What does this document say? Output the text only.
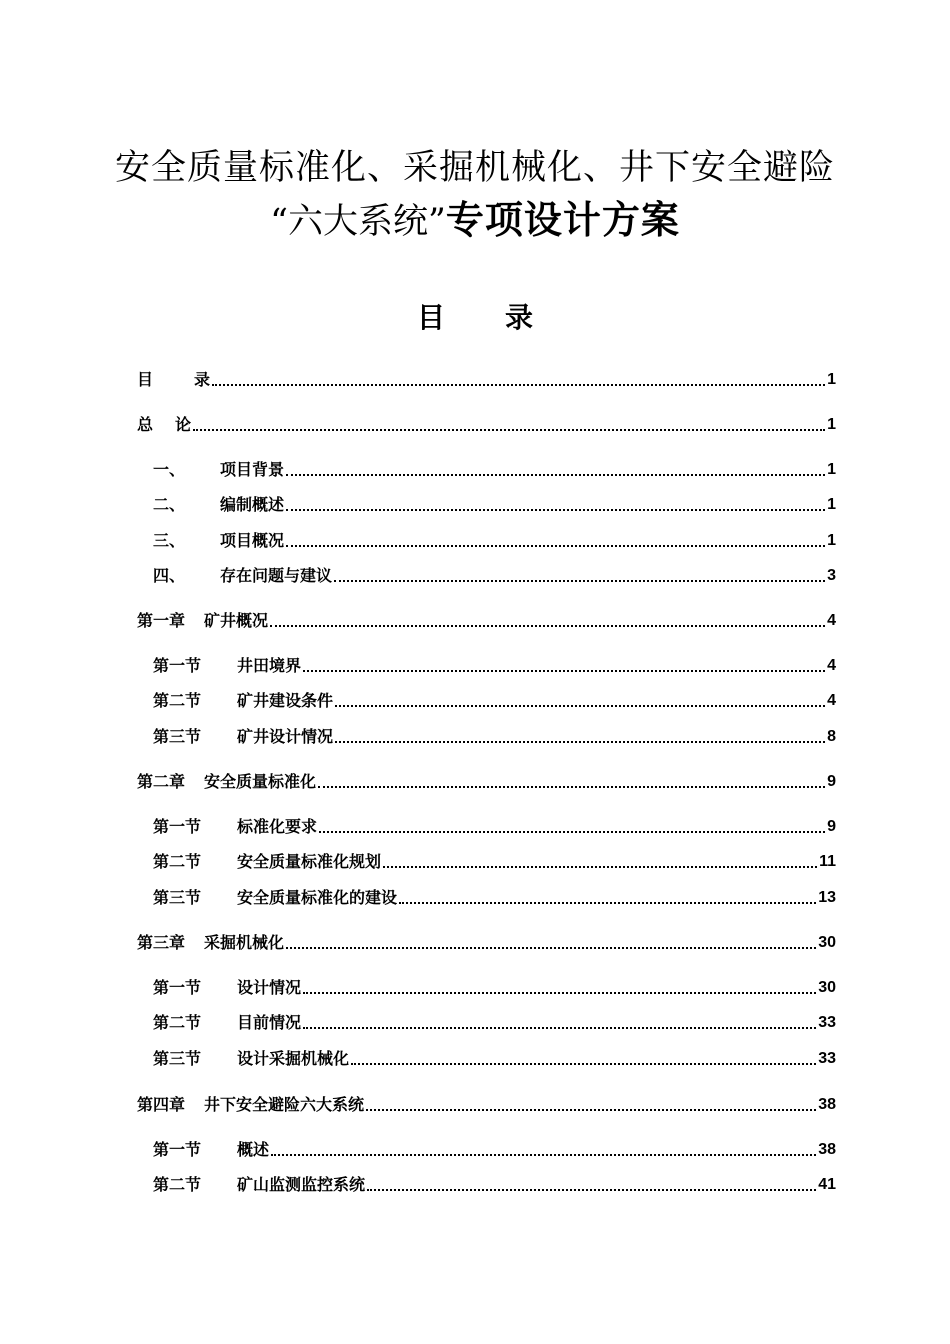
安全质量标准化、采掘机械化、井下安全避险
“六大系统”专项设计方案
目 录
目	录	1
总	论	1
一、	项目背景	1
二、	编制概述	1
三、	项目概况	1
四、	存在问题与建议	3
第一章	矿井概况	4
第一节	井田境界	4
第二节	矿井建设条件	4
第三节	矿井设计情况	8
第二章	安全质量标准化	9
第一节	标准化要求	9
第二节	安全质量标准化规划	11
第三节	安全质量标准化的建设	13
第三章	采掘机械化	30
第一节	设计情况	30
第二节	目前情况	33
第三节	设计采掘机械化	33
第四章	井下安全避险六大系统	38
第一节	概述	38
第二节	矿山监测监控系统	41
